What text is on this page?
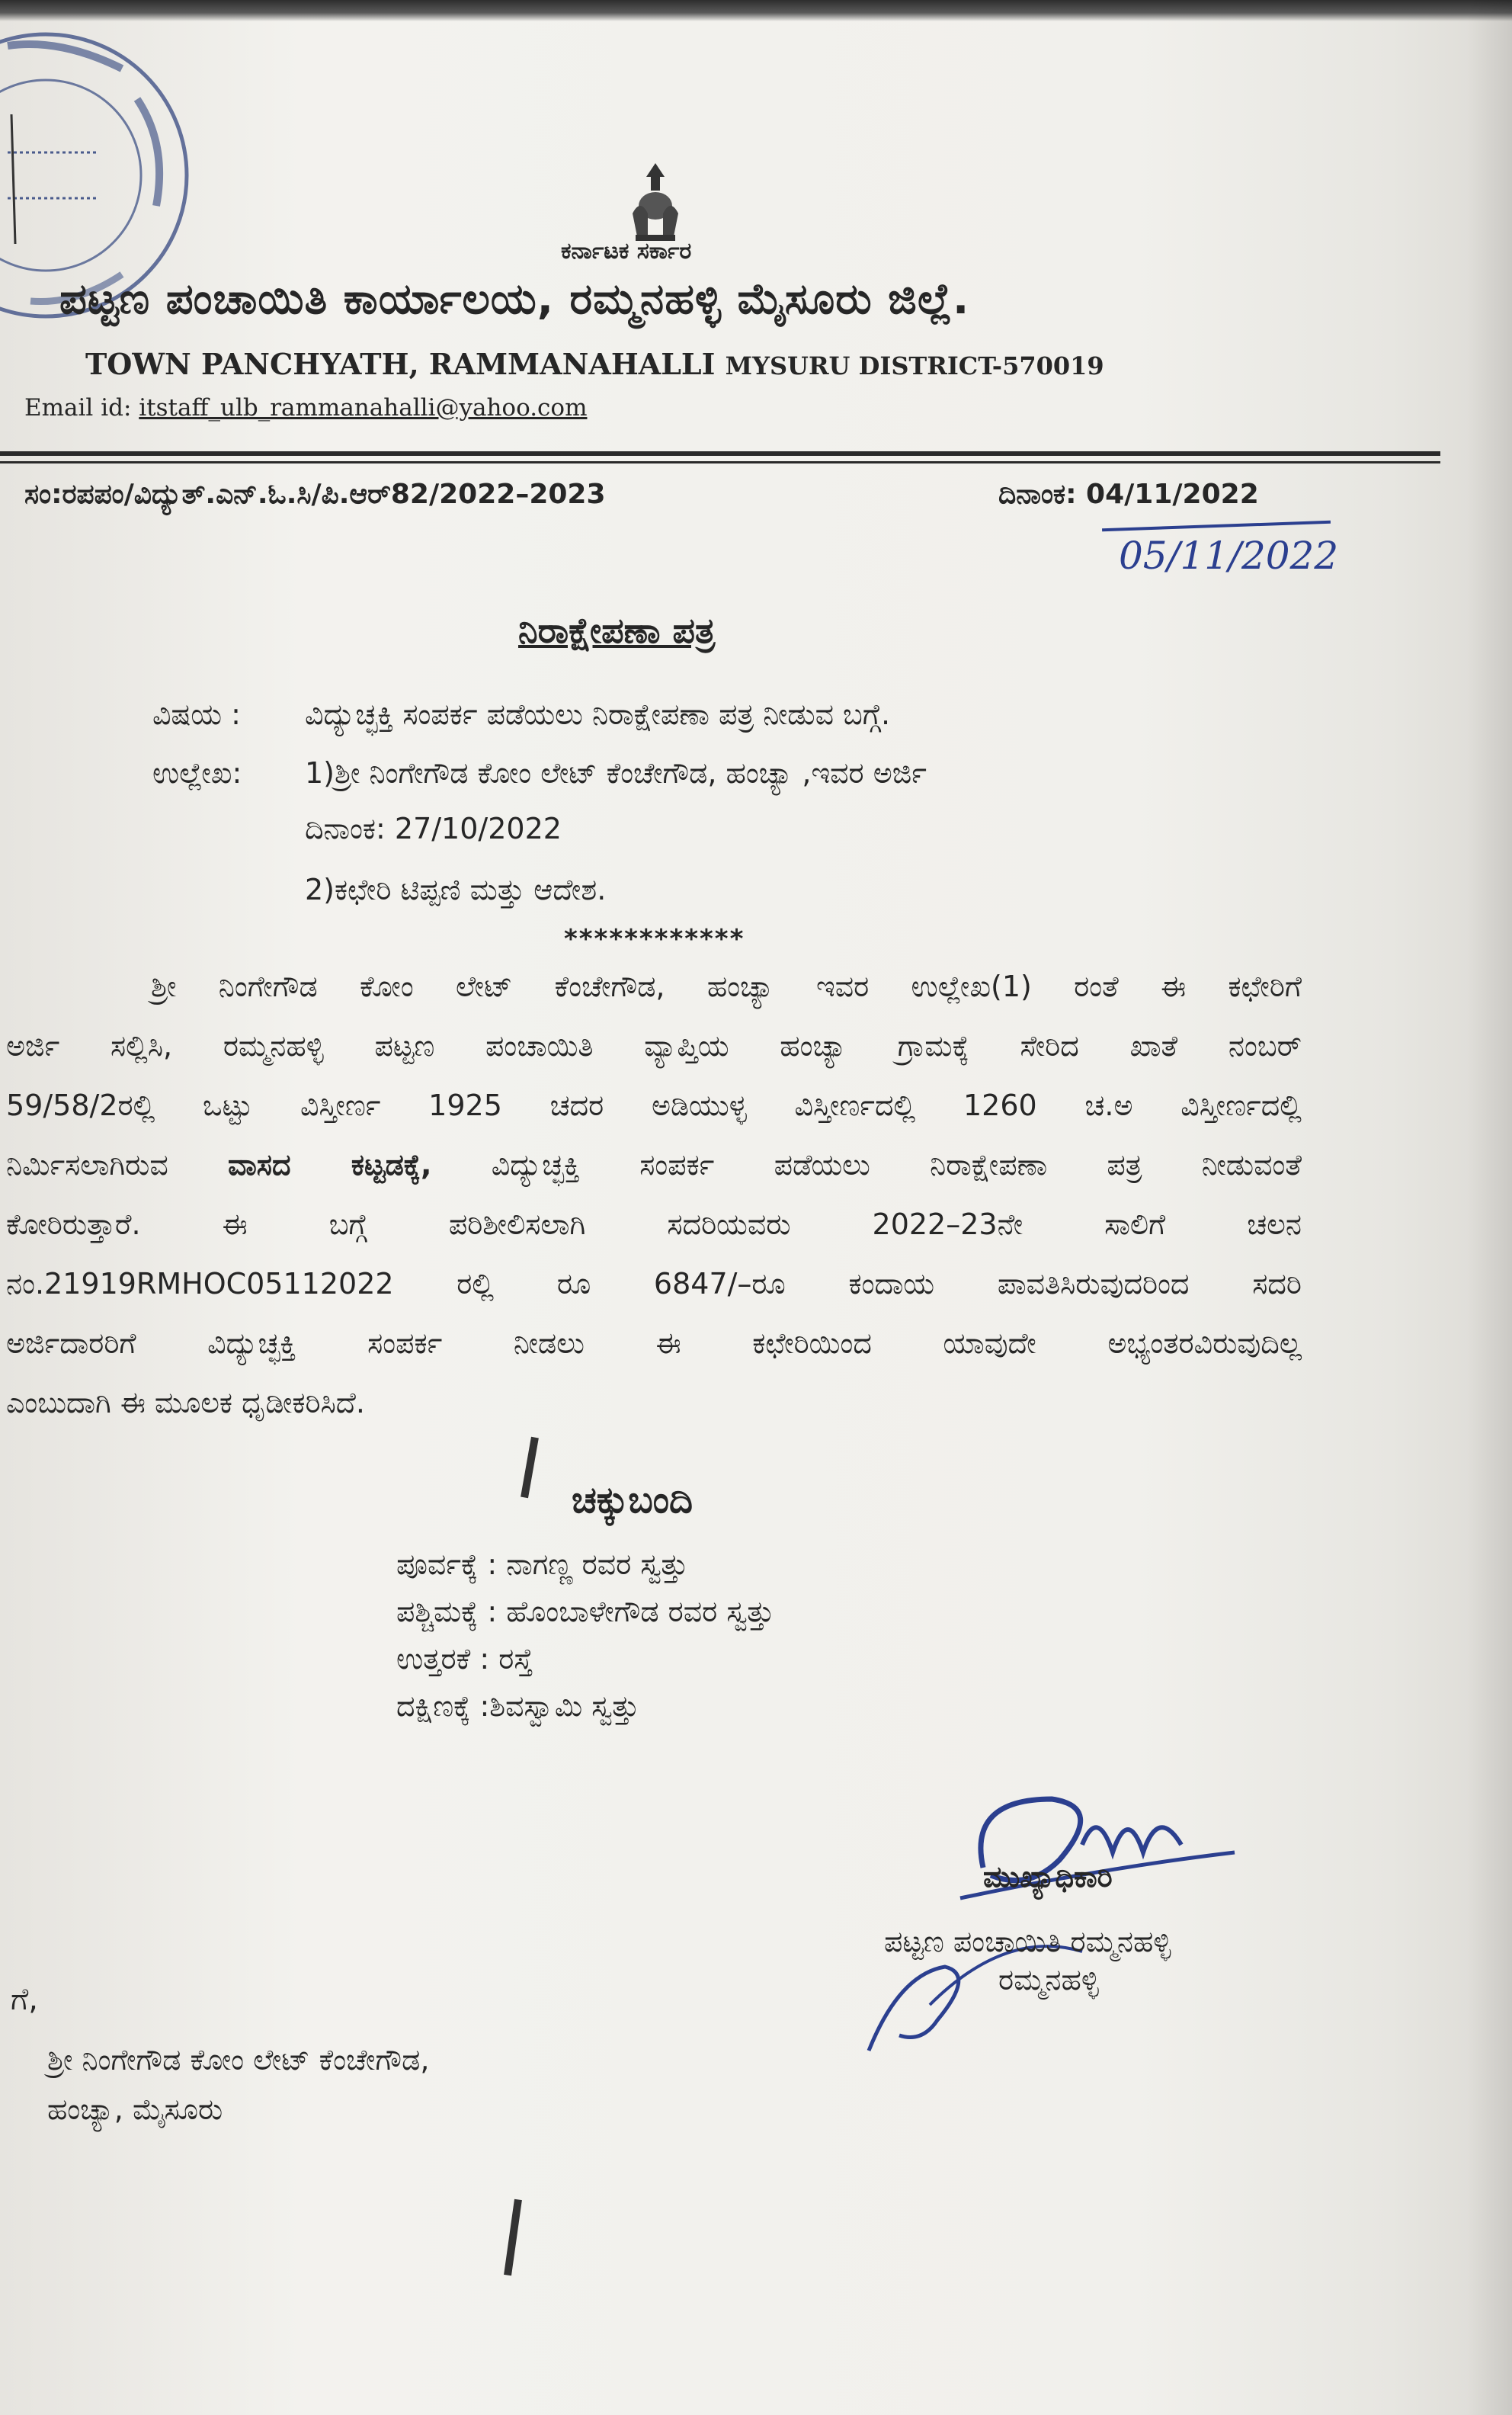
ಕರ್ನಾಟಕ ಸರ್ಕಾರ
ಪಟ್ಟಣ ಪಂಚಾಯಿತಿ ಕಾರ್ಯಾಲಯ, ರಮ್ಮನಹಳ್ಳಿ ಮೈಸೂರು ಜಿಲ್ಲೆ.
TOWN PANCHYATH, RAMMANAHALLI MYSURU DISTRICT-570019
Email id: itstaff_ulb_rammanahalli@yahoo.com
ಸಂ:ರಪಪಂ/ವಿದ್ಯುತ್.ಎನ್.ಓ.ಸಿ/ಪಿ.ಆರ್82/2022–2023	ದಿನಾಂಕ: 04/11/2022
05/11/2022
ನಿರಾಕ್ಷೇಪಣಾ ಪತ್ರ
ವಿಷಯ : ವಿದ್ಯುಚ್ಛಕ್ತಿ ಸಂಪರ್ಕ ಪಡೆಯಲು ನಿರಾಕ್ಷೇಪಣಾ ಪತ್ರ ನೀಡುವ ಬಗ್ಗೆ.
ಉಲ್ಲೇಖ: 1)ಶ್ರೀ ನಿಂಗೇಗೌಡ ಕೋಂ ಲೇಟ್ ಕೆಂಚೇಗೌಡ, ಹಂಚ್ಯಾ ,ಇವರ ಅರ್ಜಿ
ದಿನಾಂಕ: 27/10/2022
2)ಕಛೇರಿ ಟಿಪ್ಪಣಿ ಮತ್ತು ಆದೇಶ.
************
ಶ್ರೀ ನಿಂಗೇಗೌಡ ಕೋಂ ಲೇಟ್ ಕೆಂಚೇಗೌಡ, ಹಂಚ್ಯಾ ಇವರ ಉಲ್ಲೇಖ(1) ರಂತೆ ಈ ಕಛೇರಿಗೆ
ಅರ್ಜಿ ಸಲ್ಲಿಸಿ, ರಮ್ಮನಹಳ್ಳಿ ಪಟ್ಟಣ ಪಂಚಾಯಿತಿ ವ್ಯಾಪ್ತಿಯ ಹಂಚ್ಯಾ ಗ್ರಾಮಕ್ಕೆ ಸೇರಿದ ಖಾತೆ ನಂಬರ್
59/58/2ರಲ್ಲಿ ಒಟ್ಟು ವಿಸ್ತೀರ್ಣ 1925 ಚದರ ಅಡಿಯುಳ್ಳ ವಿಸ್ತೀರ್ಣದಲ್ಲಿ 1260 ಚ.ಅ ವಿಸ್ತೀರ್ಣದಲ್ಲಿ
ನಿರ್ಮಿಸಲಾಗಿರುವ ವಾಸದ ಕಟ್ಟಡಕ್ಕೆ, ವಿದ್ಯುಚ್ಛಕ್ತಿ ಸಂಪರ್ಕ ಪಡೆಯಲು ನಿರಾಕ್ಷೇಪಣಾ ಪತ್ರ ನೀಡುವಂತೆ
ಕೋರಿರುತ್ತಾರೆ. ಈ ಬಗ್ಗೆ ಪರಿಶೀಲಿಸಲಾಗಿ ಸದರಿಯವರು 2022–23ನೇ ಸಾಲಿಗೆ ಚಲನ
ನಂ.21919RMHOC05112022 ರಲ್ಲಿ ರೂ 6847/–ರೂ ಕಂದಾಯ ಪಾವತಿಸಿರುವುದರಿಂದ ಸದರಿ
ಅರ್ಜಿದಾರರಿಗೆ ವಿದ್ಯುಚ್ಛಕ್ತಿ ಸಂಪರ್ಕ ನೀಡಲು ಈ ಕಛೇರಿಯಿಂದ ಯಾವುದೇ ಅಭ್ಯಂತರವಿರುವುದಿಲ್ಲ
ಎಂಬುದಾಗಿ ಈ ಮೂಲಕ ಧೃಡೀಕರಿಸಿದೆ.
ಚಕ್ಕುಬಂದಿ
ಪೂರ್ವಕ್ಕೆ : ನಾಗಣ್ಣ ರವರ ಸ್ವತ್ತು
ಪಶ್ಚಿಮಕ್ಕೆ : ಹೊಂಬಾಳೇಗೌಡ ರವರ ಸ್ವತ್ತು
ಉತ್ತರಕೆ : ರಸ್ತೆ
ದಕ್ಷಿಣಕ್ಕೆ :ಶಿವಸ್ವಾಮಿ ಸ್ವತ್ತು
ಮುಖ್ಯಾಧಿಕಾರಿ
ಪಟ್ಟಣ ಪಂಚಾಯಿತಿ ರಮ್ಮನಹಳ್ಳಿ
ರಮ್ಮನಹಳ್ಳಿ
ಗೆ,
ಶ್ರೀ ನಿಂಗೇಗೌಡ ಕೋಂ ಲೇಟ್ ಕೆಂಚೇಗೌಡ,
ಹಂಚ್ಯಾ, ಮೈಸೂರು
